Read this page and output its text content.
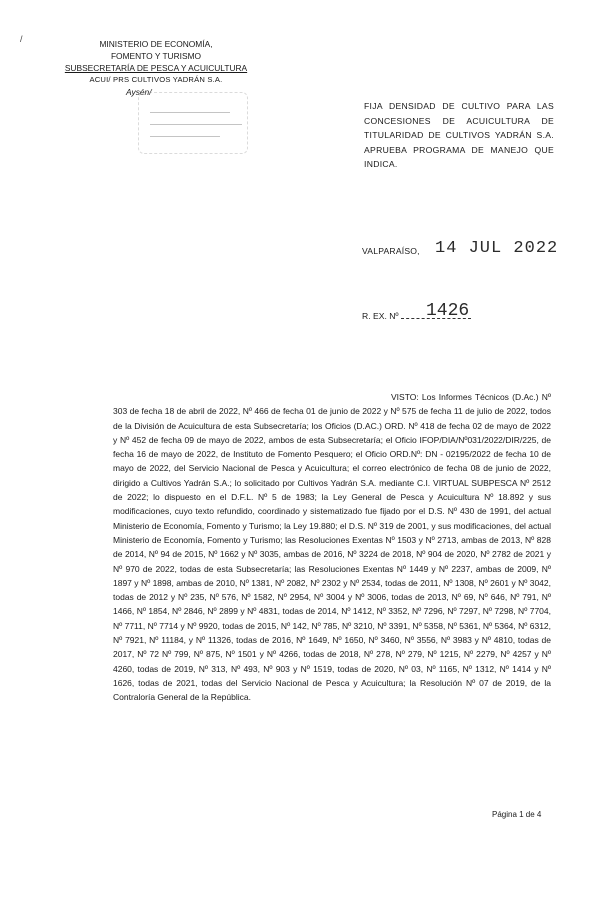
MINISTERIO DE ECONOMÍA,
FOMENTO Y TURISMO
SUBSECRETARÍA DE PESCA Y ACUICULTURA
ACUI/ PRS CULTIVOS YADRÁN S.A.
Aysén/
FIJA DENSIDAD DE CULTIVO PARA LAS CONCESIONES DE ACUICULTURA DE TITULARIDAD DE CULTIVOS YADRÁN S.A. APRUEBA PROGRAMA DE MANEJO QUE INDICA.
VALPARAÍSO, 14 JUL 2022
R. EX. Nº 1426
VISTO: Los Informes Técnicos (D.Ac.) Nº 303 de fecha 18 de abril de 2022, Nº 466 de fecha 01 de junio de 2022 y Nº 575 de fecha 11 de julio de 2022, todos de la División de Acuicultura de esta Subsecretaría; los Oficios (D.AC.) ORD. Nº 418 de fecha 02 de mayo de 2022 y Nº 452 de fecha 09 de mayo de 2022, ambos de esta Subsecretaría; el Oficio IFOP/DIA/Nº031/2022/DIR/225, de fecha 16 de mayo de 2022, de Instituto de Fomento Pesquero; el Oficio ORD.Nº: DN - 02195/2022 de fecha 10 de mayo de 2022, del Servicio Nacional de Pesca y Acuicultura; el correo electrónico de fecha 08 de junio de 2022, dirigido a Cultivos Yadrán S.A.; lo solicitado por Cultivos Yadrán S.A. mediante C.I. VIRTUAL SUBPESCA Nº 2512 de 2022; lo dispuesto en el D.F.L. Nº 5 de 1983; la Ley General de Pesca y Acuicultura Nº 18.892 y sus modificaciones, cuyo texto refundido, coordinado y sistematizado fue fijado por el D.S. Nº 430 de 1991, del actual Ministerio de Economía, Fomento y Turismo; la Ley 19.880; el D.S. Nº 319 de 2001, y sus modificaciones, del actual Ministerio de Economía, Fomento y Turismo; las Resoluciones Exentas Nº 1503 y Nº 2713, ambas de 2013, Nº 828 de 2014, Nº 94 de 2015, Nº 1662 y Nº 3035, ambas de 2016, Nº 3224 de 2018, Nº 904 de 2020, Nº 2782 de 2021 y Nº 970 de 2022, todas de esta Subsecretaría; las Resoluciones Exentas Nº 1449 y Nº 2237, ambas de 2009, Nº 1897 y Nº 1898, ambas de 2010, Nº 1381, Nº 2082, Nº 2302 y Nº 2534, todas de 2011, Nº 1308, Nº 2601 y Nº 3042, todas de 2012 y Nº 235, Nº 576, Nº 1582, Nº 2954, Nº 3004 y Nº 3006, todas de 2013, Nº 69, Nº 646, Nº 791, Nº 1466, Nº 1854, Nº 2846, Nº 2899 y Nº 4831, todas de 2014, Nº 1412, Nº 3352, Nº 7296, Nº 7297, Nº 7298, Nº 7704, Nº 7711, Nº 7714 y Nº 9920, todas de 2015, Nº 142, Nº 785, Nº 3210, Nº 3391, Nº 5358, Nº 5361, Nº 5364, Nº 6312, Nº 7921, Nº 11184, y Nº 11326, todas de 2016, Nº 1649, Nº 1650, Nº 3460, Nº 3556, Nº 3983 y Nº 4810, todas de 2017, Nº 72 Nº 799, Nº 875, Nº 1501 y Nº 4266, todas de 2018, Nº 278, Nº 279, Nº 1215, Nº 2279, Nº 4257 y Nº 4260, todas de 2019, Nº 313, Nº 493, Nº 903 y Nº 1519, todas de 2020, Nº 03, Nº 1165, Nº 1312, Nº 1414 y Nº 1626, todas de 2021, todas del Servicio Nacional de Pesca y Acuicultura; la Resolución Nº 07 de 2019, de la Contraloría General de la República.
Página 1 de 4
/
